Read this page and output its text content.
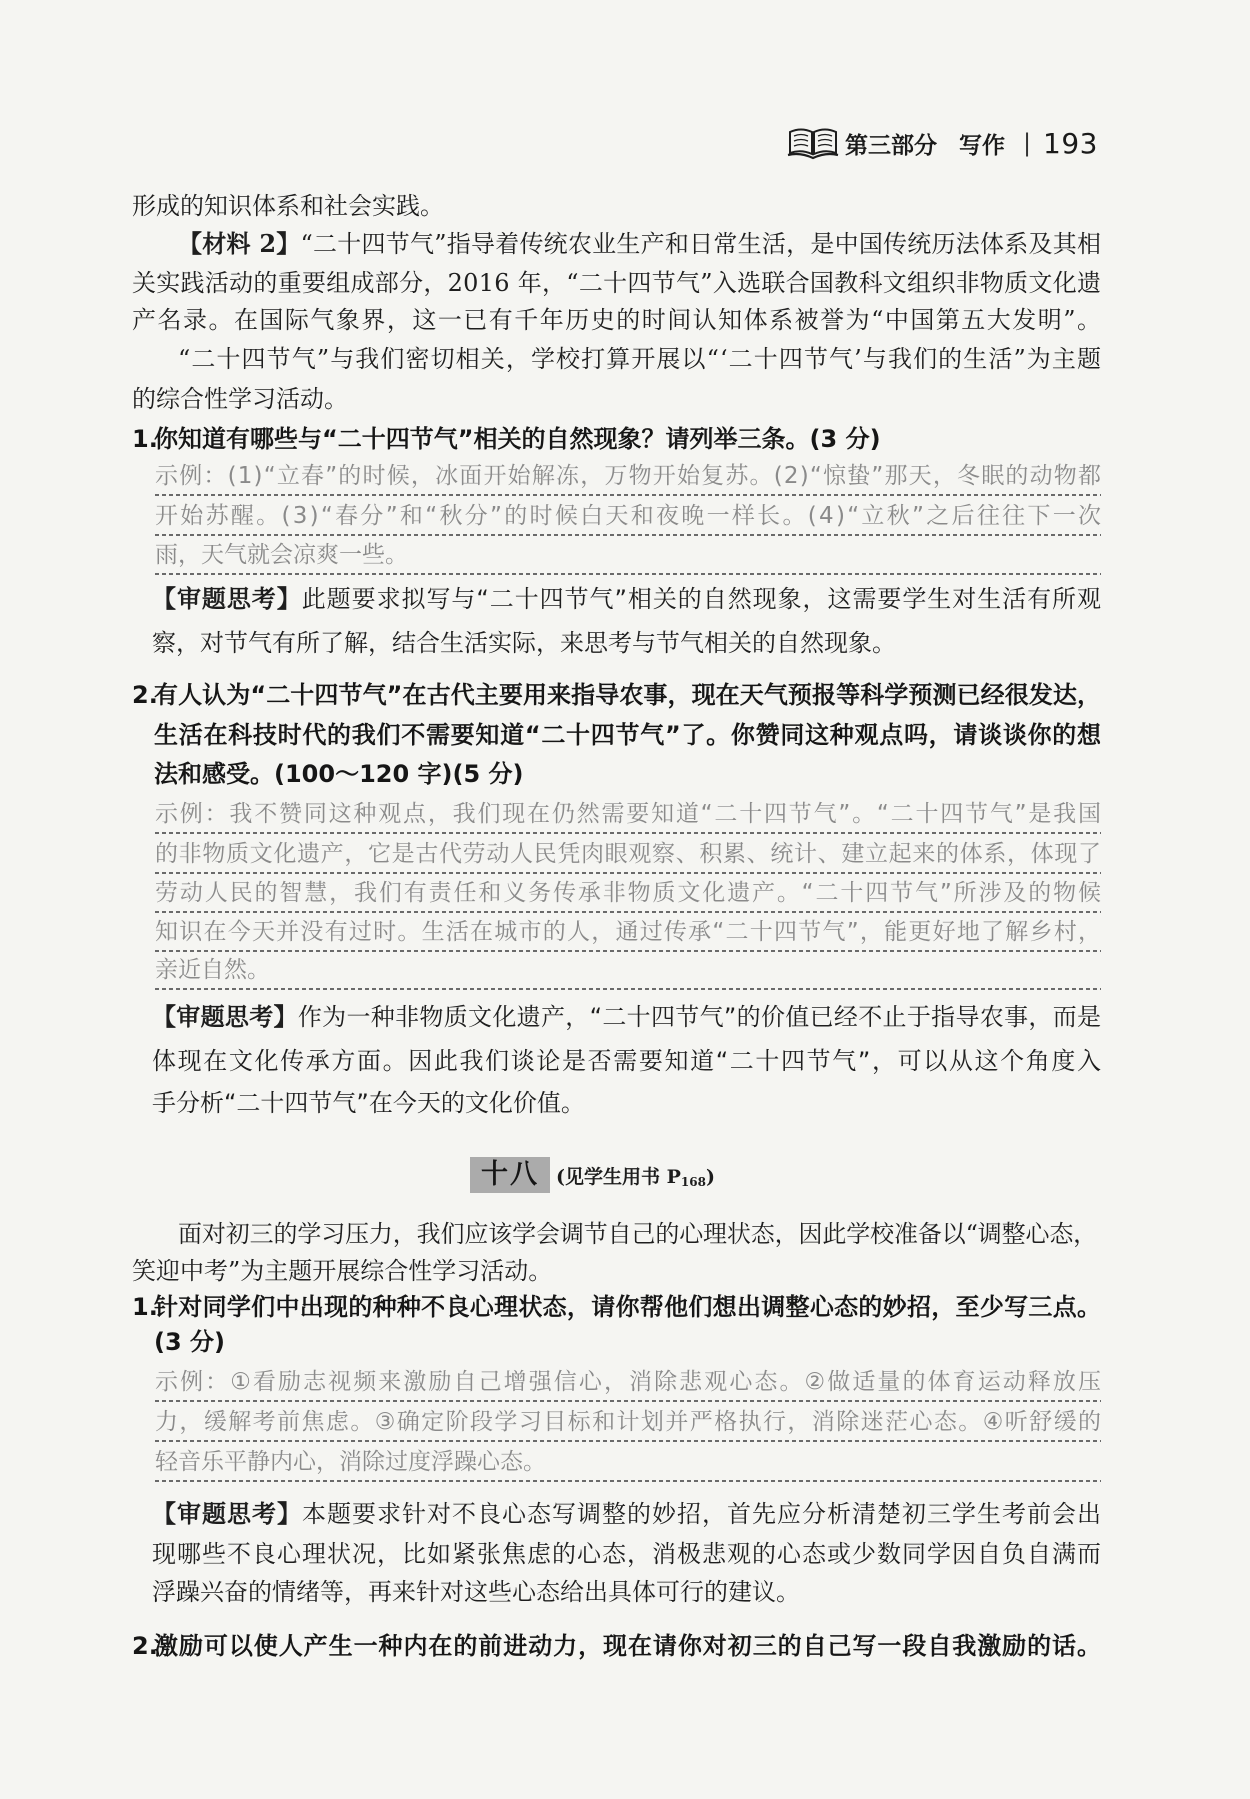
第三部分 写作 | 193
形成的知识体系和社会实践。
【材料 2】“二十四节气”指导着传统农业生产和日常生活，是中国传统历法体系及其相
关实践活动的重要组成部分，2016 年，“二十四节气”入选联合国教科文组织非物质文化遗
产名录。在国际气象界，这一已有千年历史的时间认知体系被誉为“中国第五大发明”。
“二十四节气”与我们密切相关，学校打算开展以“‘二十四节气’与我们的生活”为主题
的综合性学习活动。
1.
你知道有哪些与“二十四节气”相关的自然现象？请列举三条。(3 分)
示例：(1)“立春”的时候，冰面开始解冻，万物开始复苏。(2)“惊蛰”那天，冬眠的动物都
开始苏醒。(3)“春分”和“秋分”的时候白天和夜晚一样长。(4)“立秋”之后往往下一次
雨，天气就会凉爽一些。
【审题思考】此题要求拟写与“二十四节气”相关的自然现象，这需要学生对生活有所观
察，对节气有所了解，结合生活实际，来思考与节气相关的自然现象。
2.
有人认为“二十四节气”在古代主要用来指导农事，现在天气预报等科学预测已经很发达，
生活在科技时代的我们不需要知道“二十四节气”了。你赞同这种观点吗，请谈谈你的想
法和感受。(100～120 字)(5 分)
示例：我不赞同这种观点，我们现在仍然需要知道“二十四节气”。“二十四节气”是我国
的非物质文化遗产，它是古代劳动人民凭肉眼观察、积累、统计、建立起来的体系，体现了
劳动人民的智慧，我们有责任和义务传承非物质文化遗产。“二十四节气”所涉及的物候
知识在今天并没有过时。生活在城市的人，通过传承“二十四节气”，能更好地了解乡村，
亲近自然。
【审题思考】作为一种非物质文化遗产，“二十四节气”的价值已经不止于指导农事，而是
体现在文化传承方面。因此我们谈论是否需要知道“二十四节气”，可以从这个角度入
手分析“二十四节气”在今天的文化价值。
十八 (见学生用书 $P_{168}$)
面对初三的学习压力，我们应该学会调节自己的心理状态，因此学校准备以“调整心态，
笑迎中考”为主题开展综合性学习活动。
1.
针对同学们中出现的种种不良心理状态，请你帮他们想出调整心态的妙招，至少写三点。
(3 分)
示例：①看励志视频来激励自己增强信心，消除悲观心态。②做适量的体育运动释放压
力，缓解考前焦虑。③确定阶段学习目标和计划并严格执行，消除迷茫心态。④听舒缓的
轻音乐平静内心，消除过度浮躁心态。
【审题思考】本题要求针对不良心态写调整的妙招，首先应分析清楚初三学生考前会出
现哪些不良心理状况，比如紧张焦虑的心态，消极悲观的心态或少数同学因自负自满而
浮躁兴奋的情绪等，再来针对这些心态给出具体可行的建议。
2.
激励可以使人产生一种内在的前进动力，现在请你对初三的自己写一段自我激励的话。
